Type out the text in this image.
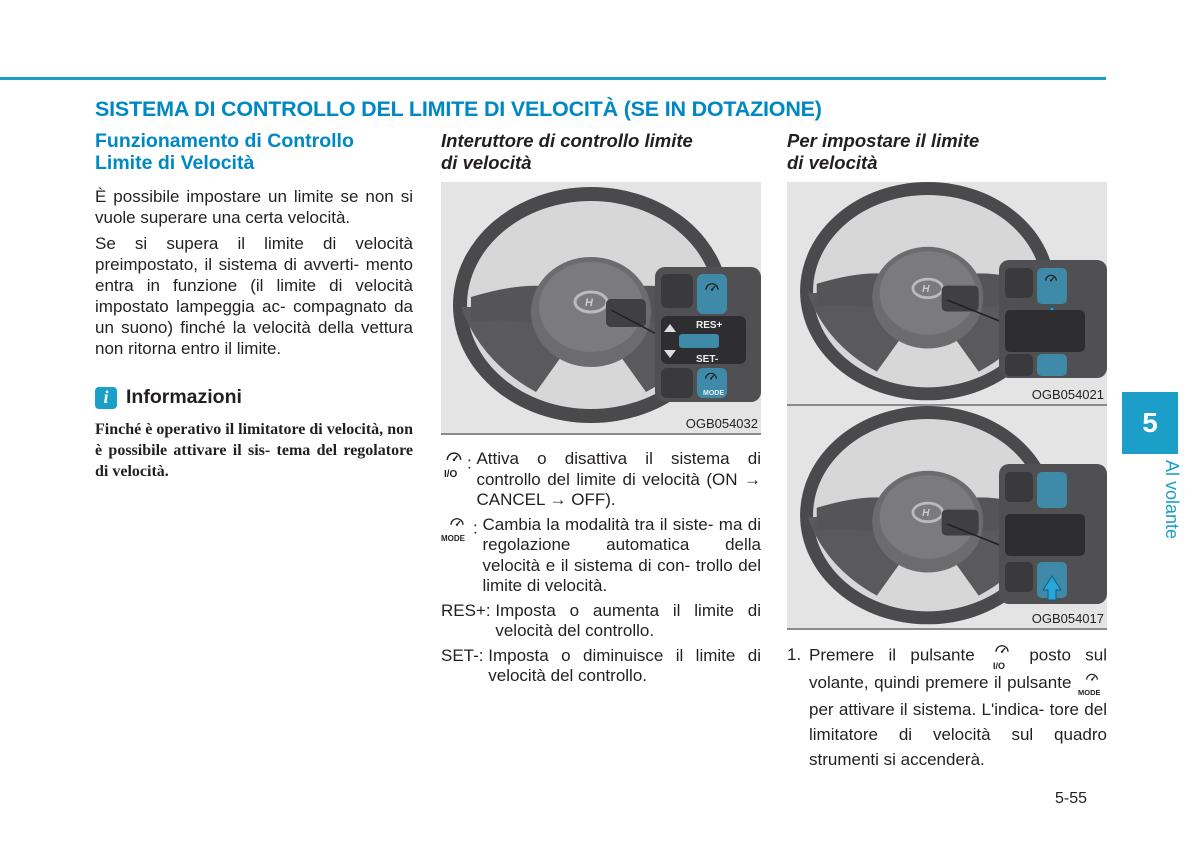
SISTEMA DI CONTROLLO DEL LIMITE DI VELOCITÀ (SE IN DOTAZIONE)
5
Al volante

Funzionamento di Controllo
Limite di Velocità

È possibile impostare un limite se non si vuole superare una certa velocità.

Se si supera il limite di velocità preimpostato, il sistema di avverti- mento entra in funzione (il limite di velocità impostato lampeggia ac- compagnato da un suono) finché la velocità della vettura non ritorna entro il limite.

i Informazioni
Finché è operativo il limitatore di velocità, non è possibile attivare il sis- tema del regolatore di velocità.

Interuttore di controllo limite
di velocità

RES+
SET-
MODE
OGB054032
I/O
: Attiva o disattiva il sistema di controllo del limite di velocità (ON → CANCEL → OFF).
MODE
: Cambia la modalità tra il siste- ma di regolazione automatica della velocità e il sistema di con- trollo del limite di velocità.
RES+:
Imposta o aumenta il limite di velocità del controllo.
SET-:
Imposta o diminuisce il limite di velocità del controllo.

Per impostare il limite
di velocità

OGB054021
OGB054017
1. Premere il pulsante
I/O
posto sul volante, quindi premere il pulsante
MODE
per attivare il sistema. L'indica- tore del limitatore di velocità sul quadro strumenti si accenderà.
5-55
